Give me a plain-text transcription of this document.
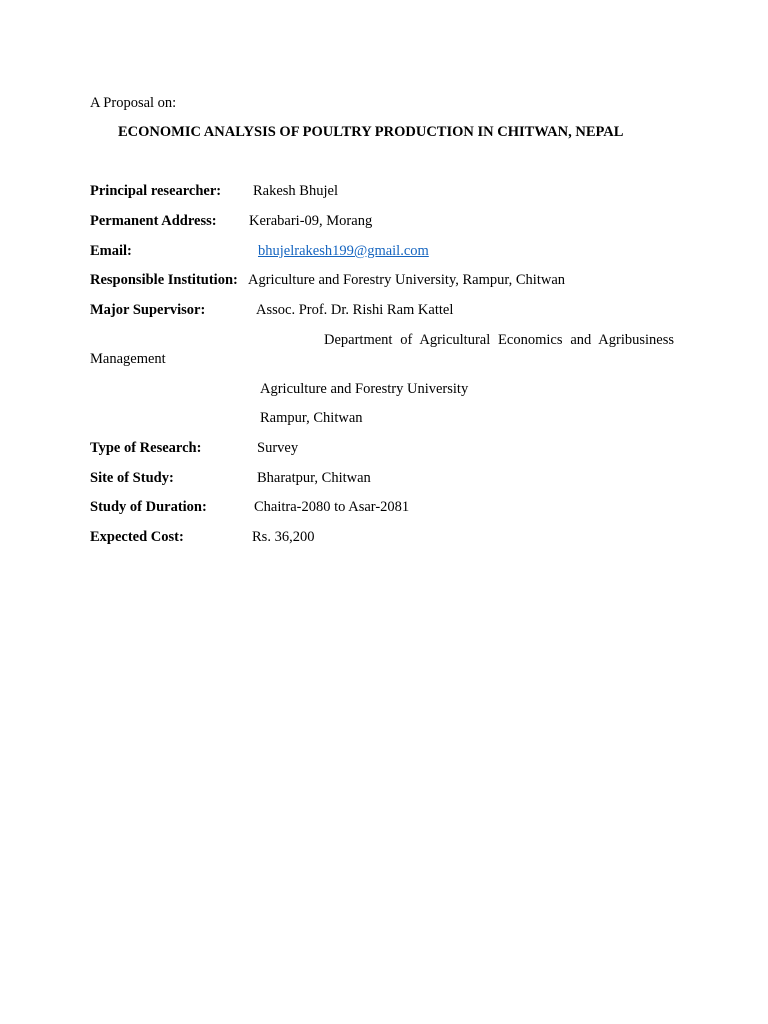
A Proposal on:
ECONOMIC ANALYSIS OF POULTRY PRODUCTION IN CHITWAN, NEPAL
Principal researcher: Rakesh Bhujel
Permanent Address: Kerabari-09, Morang
Email:	bhujelrakesh199@gmail.com
Responsible Institution: Agriculture and Forestry University, Rampur, Chitwan
Major Supervisor:	Assoc. Prof. Dr. Rishi Ram Kattel
Department of Agricultural Economics and Agribusiness
Management
Agriculture and Forestry University
Rampur, Chitwan
Type of Research:	Survey
Site of Study:	Bharatpur, Chitwan
Study of Duration:	Chaitra-2080 to Asar-2081
Expected Cost:	Rs. 36,200
